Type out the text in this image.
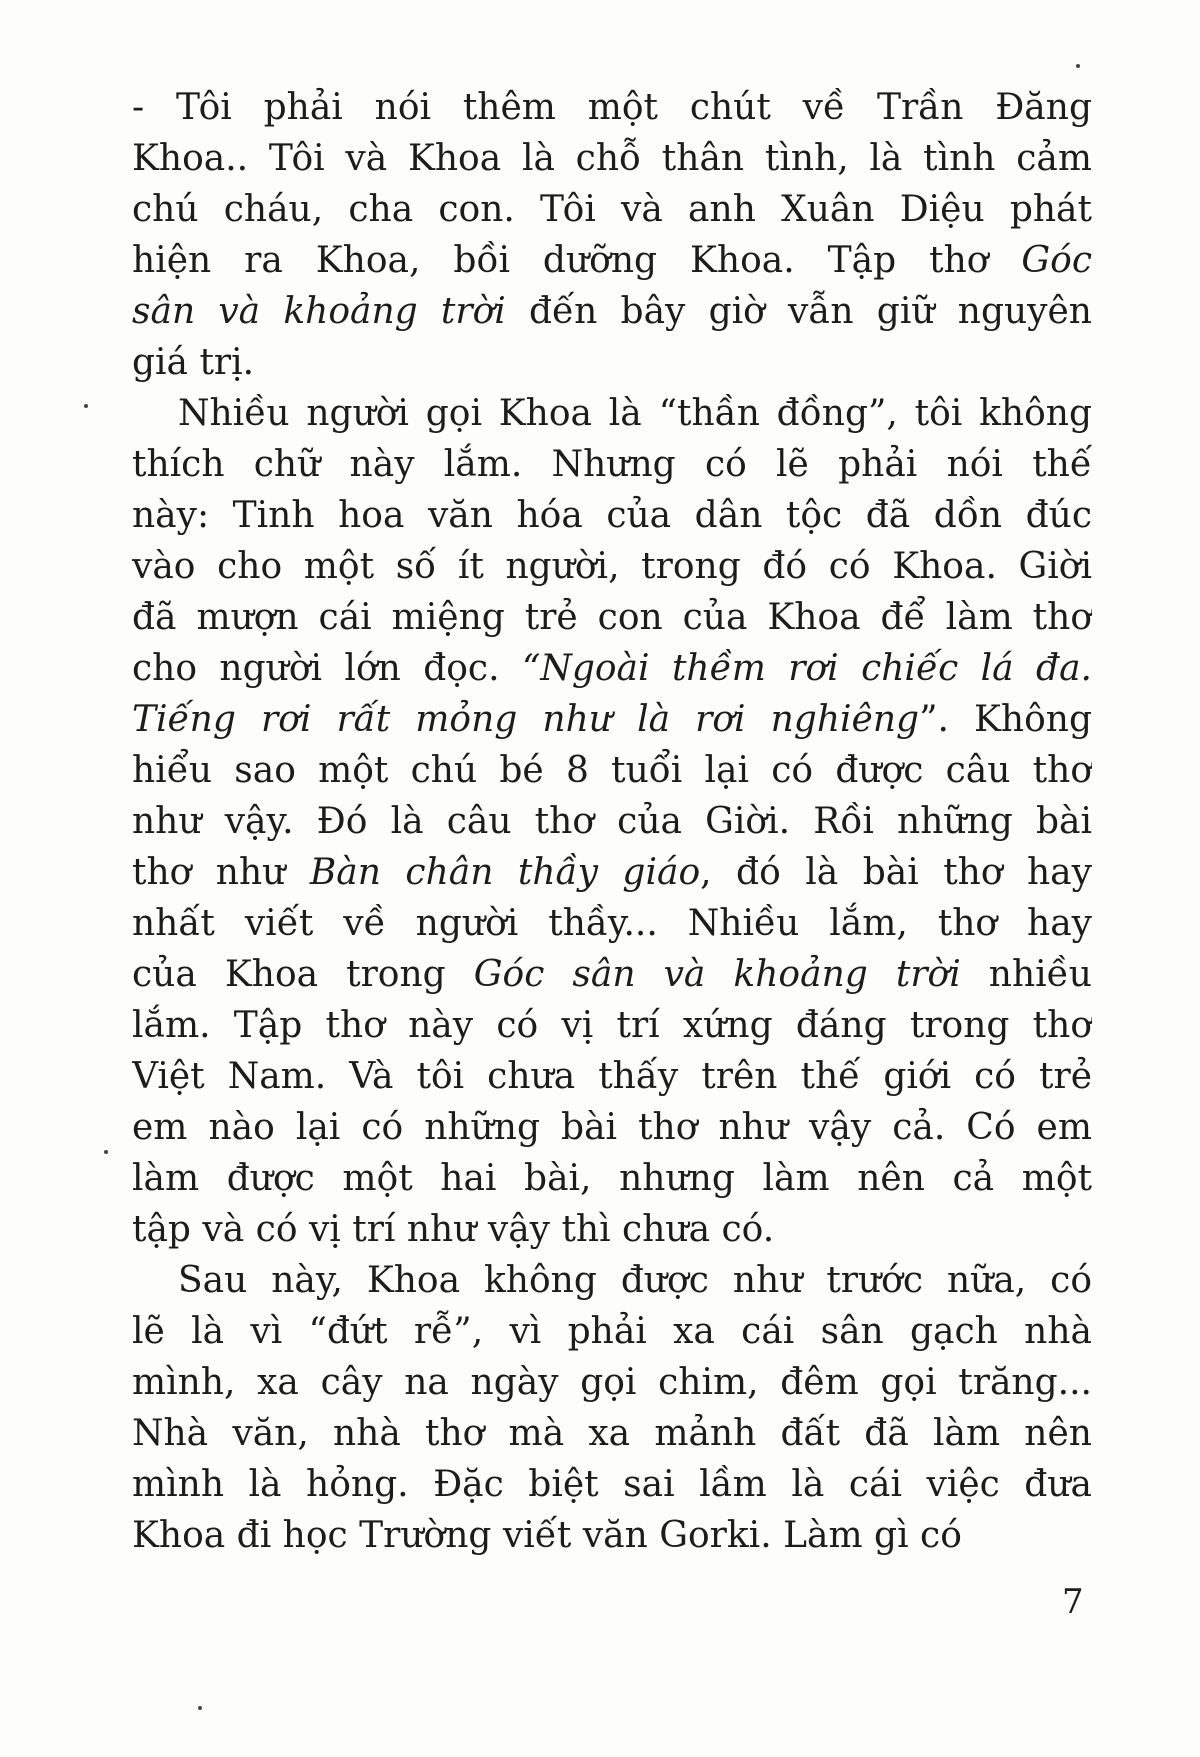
- Tôi phải nói thêm một chút về Trần Đăng
Khoa.. Tôi và Khoa là chỗ thân tình, là tình cảm
chú cháu, cha con. Tôi và anh Xuân Diệu phát
hiện ra Khoa, bồi dưỡng Khoa. Tập thơ Góc
sân và khoảng trời đến bây giờ vẫn giữ nguyên
giá trị.
Nhiều người gọi Khoa là “thần đồng”, tôi không
thích chữ này lắm. Nhưng có lẽ phải nói thế
này: Tinh hoa văn hóa của dân tộc đã dồn đúc
vào cho một số ít người, trong đó có Khoa. Giời
đã mượn cái miệng trẻ con của Khoa để làm thơ
cho người lớn đọc. “Ngoài thềm rơi chiếc lá đa.
Tiếng rơi rất mỏng như là rơi nghiêng”. Không
hiểu sao một chú bé 8 tuổi lại có được câu thơ
như vậy. Đó là câu thơ của Giời. Rồi những bài
thơ như Bàn chân thầy giáo, đó là bài thơ hay
nhất viết về người thầy... Nhiều lắm, thơ hay
của Khoa trong Góc sân và khoảng trời nhiều
lắm. Tập thơ này có vị trí xứng đáng trong thơ
Việt Nam. Và tôi chưa thấy trên thế giới có trẻ
em nào lại có những bài thơ như vậy cả. Có em
làm được một hai bài, nhưng làm nên cả một
tập và có vị trí như vậy thì chưa có.
Sau này, Khoa không được như trước nữa, có
lẽ là vì “đứt rễ”, vì phải xa cái sân gạch nhà
mình, xa cây na ngày gọi chim, đêm gọi trăng...
Nhà văn, nhà thơ mà xa mảnh đất đã làm nên
mình là hỏng. Đặc biệt sai lầm là cái việc đưa
Khoa đi học Trường viết văn Gorki. Làm gì có
7
